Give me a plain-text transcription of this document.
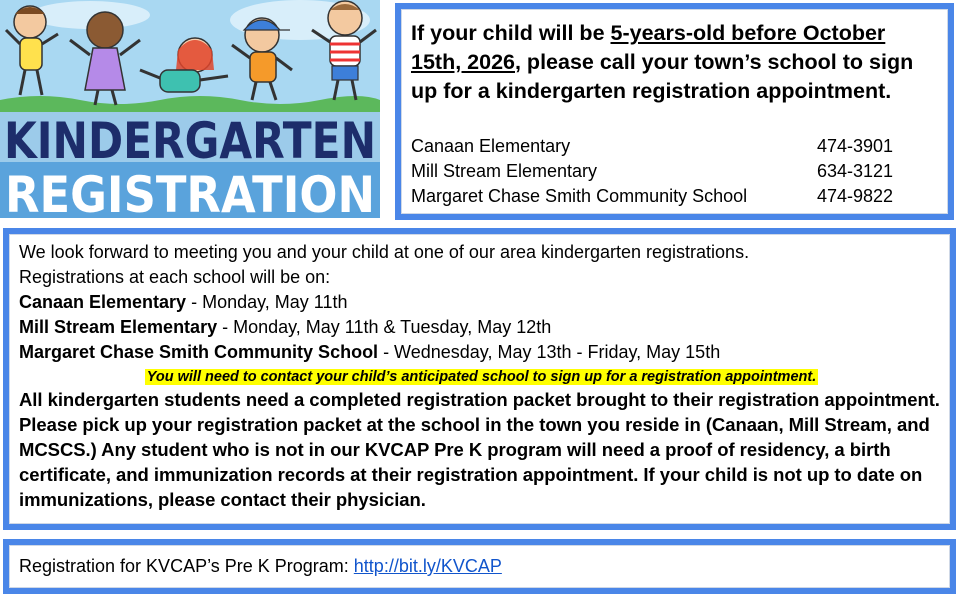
KINDERGARTEN
REGISTRATION

If your child will be 5-years-old before October 15th, 2026, please call your town’s school to sign up for a kindergarten registration appointment.

Canaan Elementary	474-3901
Mill Stream Elementary	634-3121
Margaret Chase Smith Community School	474-9822

We look forward to meeting you and your child at one of our area kindergarten registrations.

Registrations at each school will be on:

Canaan Elementary - Monday, May 11th

Mill Stream Elementary - Monday, May 11th & Tuesday, May 12th

Margaret Chase Smith Community School - Wednesday, May 13th - Friday, May 15th

You will need to contact your child’s anticipated school to sign up for a registration appointment.

All kindergarten students need a completed registration packet brought to their registration appointment. Please pick up your registration packet at the school in the town you reside in (Canaan, Mill Stream, and MCSCS.) Any student who is not in our KVCAP Pre K program will need a proof of residency, a birth certificate, and immunization records at their registration appointment. If your child is not up to date on immunizations, please contact their physician.

Registration for KVCAP’s Pre K Program: http://bit.ly/KVCAP
